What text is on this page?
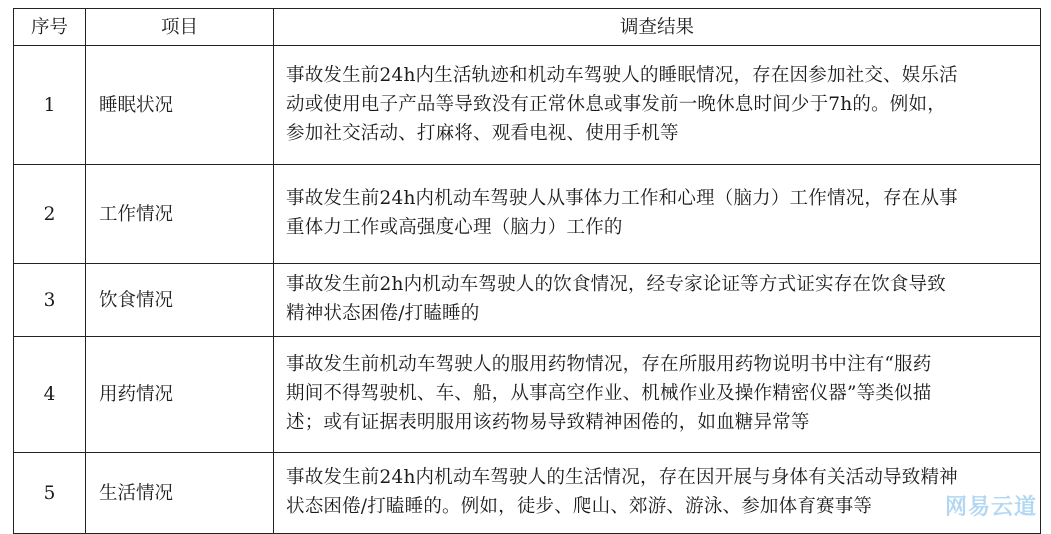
序号	项目	调查结果
1	睡眠状况	事故发生前24h内生活轨迹和机动车驾驶人的睡眠情况，存在因参加社交、娱乐活
动或使用电子产品等导致没有正常休息或事发前一晚休息时间少于7h的。例如，
参加社交活动、打麻将、观看电视、使用手机等

2	工作情况	事故发生前24h内机动车驾驶人从事体力工作和心理（脑力）工作情况，存在从事
重体力工作或高强度心理（脑力）工作的

3	饮食情况	事故发生前2h内机动车驾驶人的饮食情况，经专家论证等方式证实存在饮食导致
精神状态困倦/打瞌睡的

4	用药情况	事故发生前机动车驾驶人的服用药物情况，存在所服用药物说明书中注有“服药
期间不得驾驶机、车、船，从事高空作业、机械作业及操作精密仪器”等类似描
述；或有证据表明服用该药物易导致精神困倦的，如血糖异常等

5	生活情况	事故发生前24h内机动车驾驶人的生活情况，存在因开展与身体有关活动导致精神
状态困倦/打瞌睡的。例如，徒步、爬山、郊游、游泳、参加体育赛事等	网易云道
